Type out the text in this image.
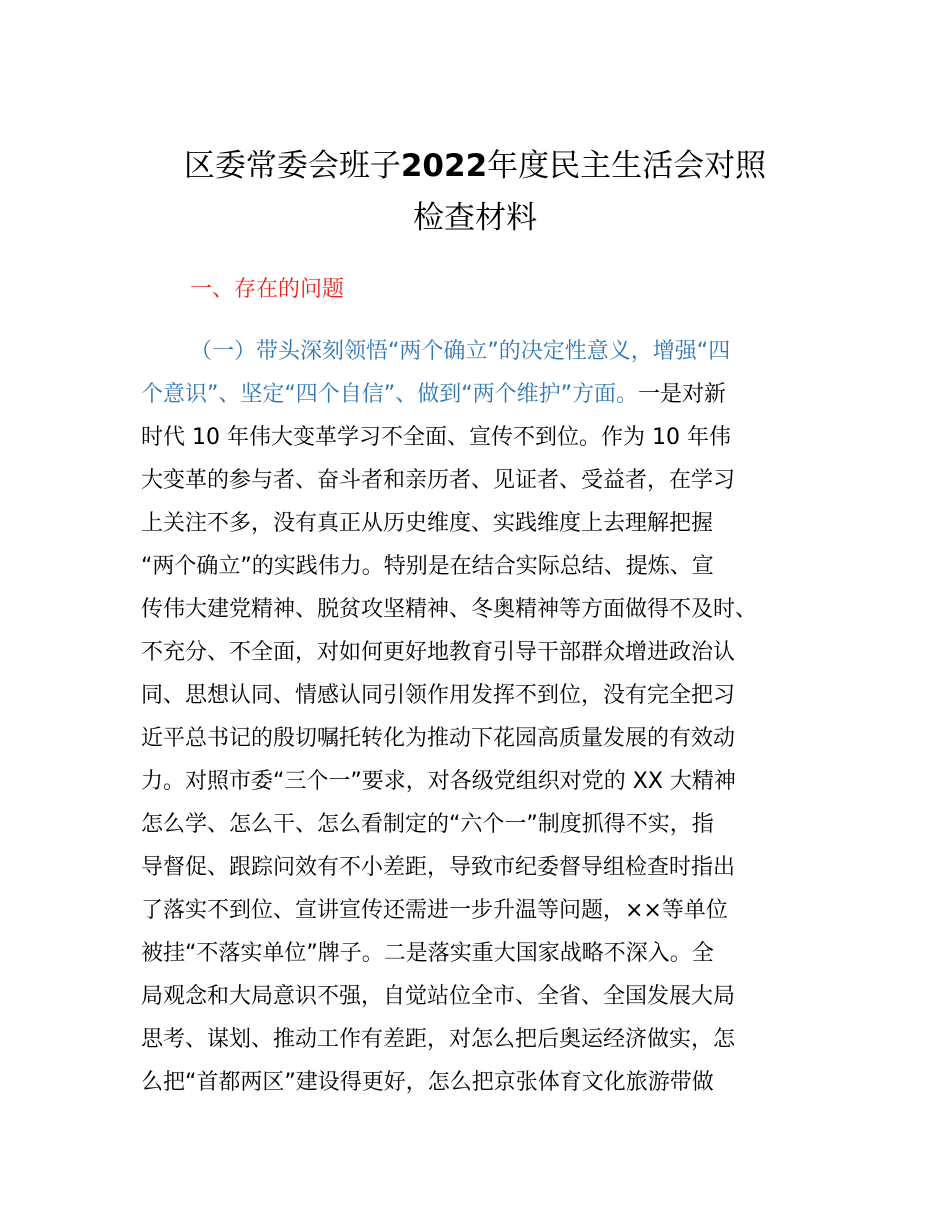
区委常委会班子2022年度民主生活会对照
检查材料
一、存在的问题
（一）带头深刻领悟“两个确立”的决定性意义，增强“四
个意识”、坚定“四个自信”、做到“两个维护”方面。一是对新
时代 10 年伟大变革学习不全面、宣传不到位。作为 10 年伟
大变革的参与者、奋斗者和亲历者、见证者、受益者，在学习
上关注不多，没有真正从历史维度、实践维度上去理解把握
“两个确立”的实践伟力。特别是在结合实际总结、提炼、宣
传伟大建党精神、脱贫攻坚精神、冬奥精神等方面做得不及时、
不充分、不全面，对如何更好地教育引导干部群众增进政治认
同、思想认同、情感认同引领作用发挥不到位，没有完全把习
近平总书记的殷切嘱托转化为推动下花园高质量发展的有效动
力。对照市委“三个一”要求，对各级党组织对党的 XX 大精神
怎么学、怎么干、怎么看制定的“六个一”制度抓得不实，指
导督促、跟踪问效有不小差距，导致市纪委督导组检查时指出
了落实不到位、宣讲宣传还需进一步升温等问题，××等单位
被挂“不落实单位”牌子。二是落实重大国家战略不深入。全
局观念和大局意识不强，自觉站位全市、全省、全国发展大局
思考、谋划、推动工作有差距，对怎么把后奥运经济做实，怎
么把“首都两区”建设得更好，怎么把京张体育文化旅游带做
